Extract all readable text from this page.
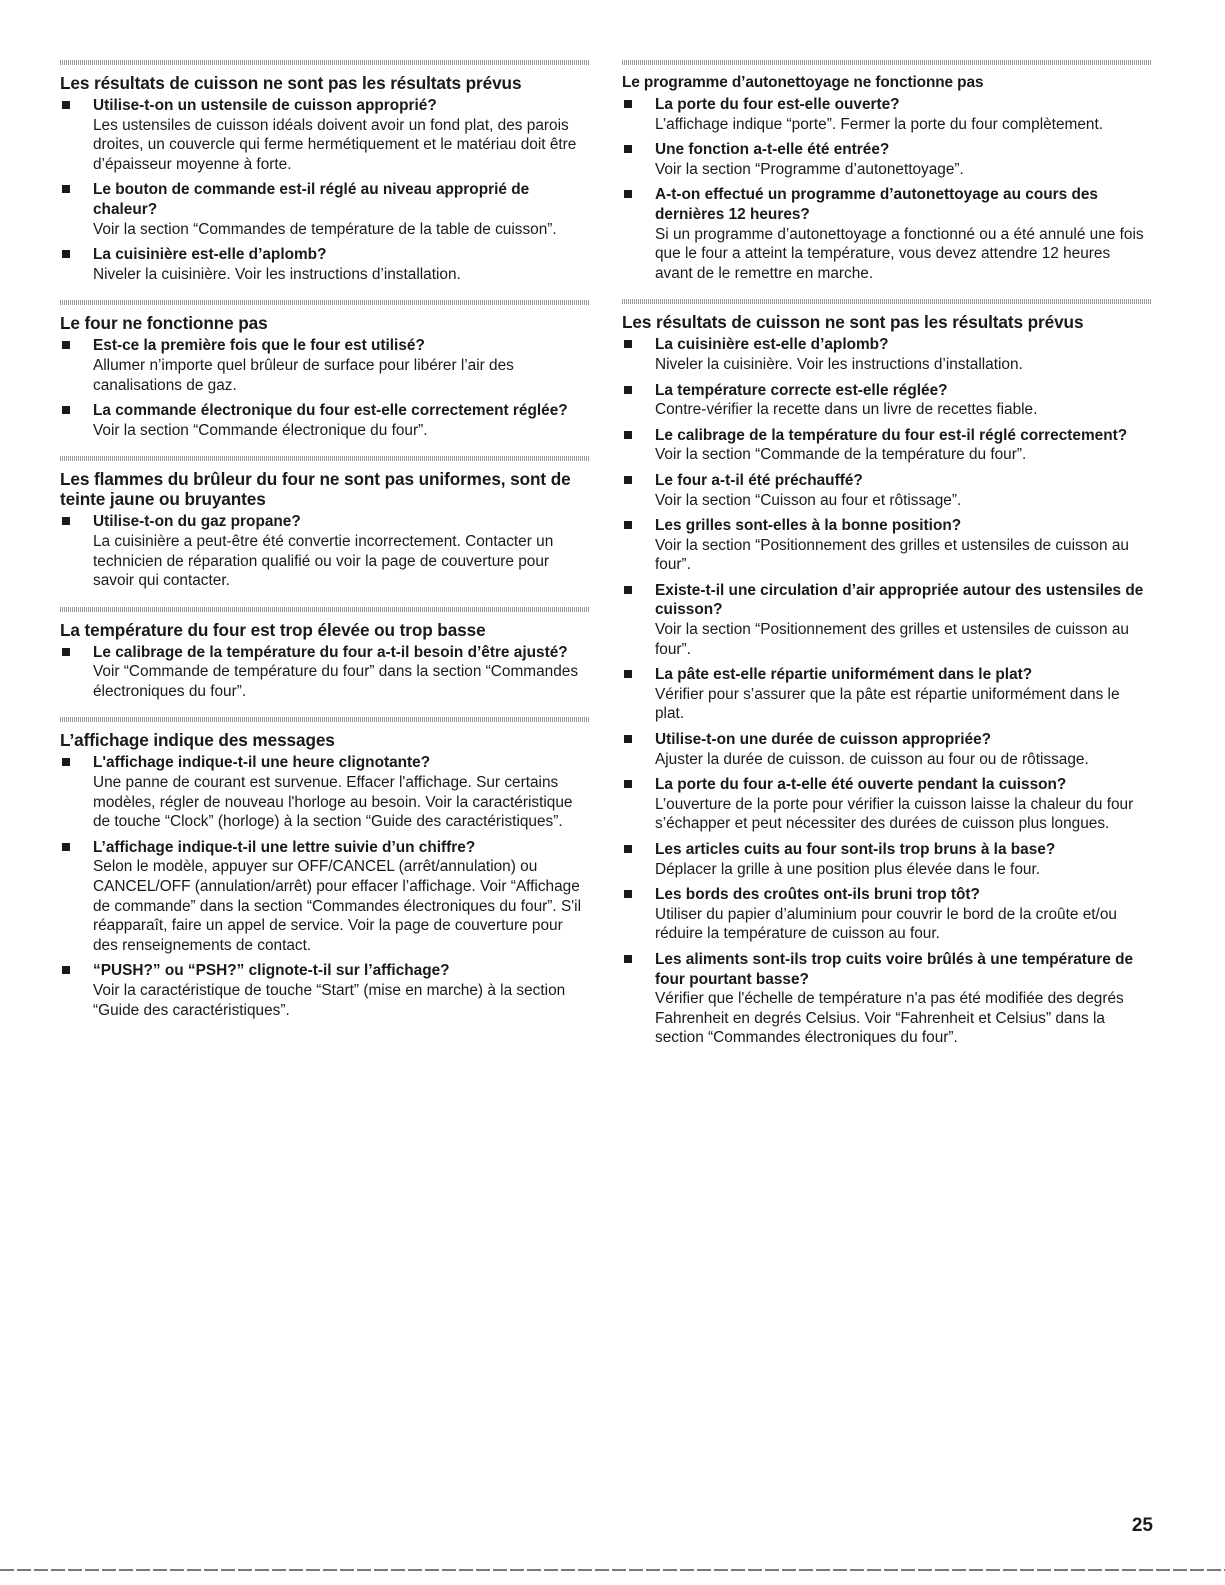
Les résultats de cuisson ne sont pas les résultats prévus
Utilise-t-on un ustensile de cuisson approprié?
Les ustensiles de cuisson idéals doivent avoir un fond plat, des parois droites, un couvercle qui ferme hermétiquement et le matériau doit être d’épaisseur moyenne à forte.
Le bouton de commande est-il réglé au niveau approprié de chaleur?
Voir la section “Commandes de température de la table de cuisson”.
La cuisinière est-elle d’aplomb?
Niveler la cuisinière. Voir les instructions d’installation.
Le four ne fonctionne pas
Est-ce la première fois que le four est utilisé?
Allumer n’importe quel brûleur de surface pour libérer l’air des canalisations de gaz.
La commande électronique du four est-elle correctement réglée?
Voir la section “Commande électronique du four”.
Les flammes du brûleur du four ne sont pas uniformes, sont de teinte jaune ou bruyantes
Utilise-t-on du gaz propane?
La cuisinière a peut-être été convertie incorrectement. Contacter un technicien de réparation qualifié ou voir la page de couverture pour savoir qui contacter.
La température du four est trop élevée ou trop basse
Le calibrage de la température du four a-t-il besoin d’être ajusté?
Voir “Commande de température du four” dans la section “Commandes électroniques du four”.
L’affichage indique des messages
L'affichage indique-t-il une heure clignotante?
Une panne de courant est survenue. Effacer l'affichage. Sur certains modèles, régler de nouveau l'horloge au besoin. Voir la caractéristique de touche “Clock” (horloge) à la section “Guide des caractéristiques”.
L’affichage indique-t-il une lettre suivie d’un chiffre?
Selon le modèle, appuyer sur OFF/CANCEL (arrêt/annulation) ou CANCEL/OFF (annulation/arrêt) pour effacer l’affichage. Voir “Affichage de commande” dans la section “Commandes électroniques du four”. S'il réapparaît, faire un appel de service. Voir la page de couverture pour des renseignements de contact.
“PUSH?” ou “PSH?” clignote-t-il sur l’affichage?
Voir la caractéristique de touche “Start” (mise en marche) à la section “Guide des caractéristiques”.
Le programme d’autonettoyage ne fonctionne pas
La porte du four est-elle ouverte?
L’affichage indique “porte”. Fermer la porte du four complètement.
Une fonction a-t-elle été entrée?
Voir la section “Programme d’autonettoyage”.
A-t-on effectué un programme d’autonettoyage au cours des dernières 12 heures?
Si un programme d’autonettoyage a fonctionné ou a été annulé une fois que le four a atteint la température, vous devez attendre 12 heures avant de le remettre en marche.
Les résultats de cuisson ne sont pas les résultats prévus
La cuisinière est-elle d’aplomb?
Niveler la cuisinière. Voir les instructions d’installation.
La température correcte est-elle réglée?
Contre-vérifier la recette dans un livre de recettes fiable.
Le calibrage de la température du four est-il réglé correctement?
Voir la section “Commande de la température du four”.
Le four a-t-il été préchauffé?
Voir la section “Cuisson au four et rôtissage”.
Les grilles sont-elles à la bonne position?
Voir la section “Positionnement des grilles et ustensiles de cuisson au four”.
Existe-t-il une circulation d’air appropriée autour des ustensiles de cuisson?
Voir la section “Positionnement des grilles et ustensiles de cuisson au four”.
La pâte est-elle répartie uniformément dans le plat?
Vérifier pour s’assurer que la pâte est répartie uniformément dans le plat.
Utilise-t-on une durée de cuisson appropriée?
Ajuster la durée de cuisson. de cuisson au four ou de rôtissage.
La porte du four a-t-elle été ouverte pendant la cuisson?
L’ouverture de la porte pour vérifier la cuisson laisse la chaleur du four s’échapper et peut nécessiter des durées de cuisson plus longues.
Les articles cuits au four sont-ils trop bruns à la base?
Déplacer la grille à une position plus élevée dans le four.
Les bords des croûtes ont-ils bruni trop tôt?
Utiliser du papier d’aluminium pour couvrir le bord de la croûte et/ou réduire la température de cuisson au four.
Les aliments sont-ils trop cuits voire brûlés à une température de four pourtant basse?
Vérifier que l'échelle de température n'a pas été modifiée des degrés Fahrenheit en degrés Celsius. Voir “Fahrenheit et Celsius” dans la section “Commandes électroniques du four”.
25
